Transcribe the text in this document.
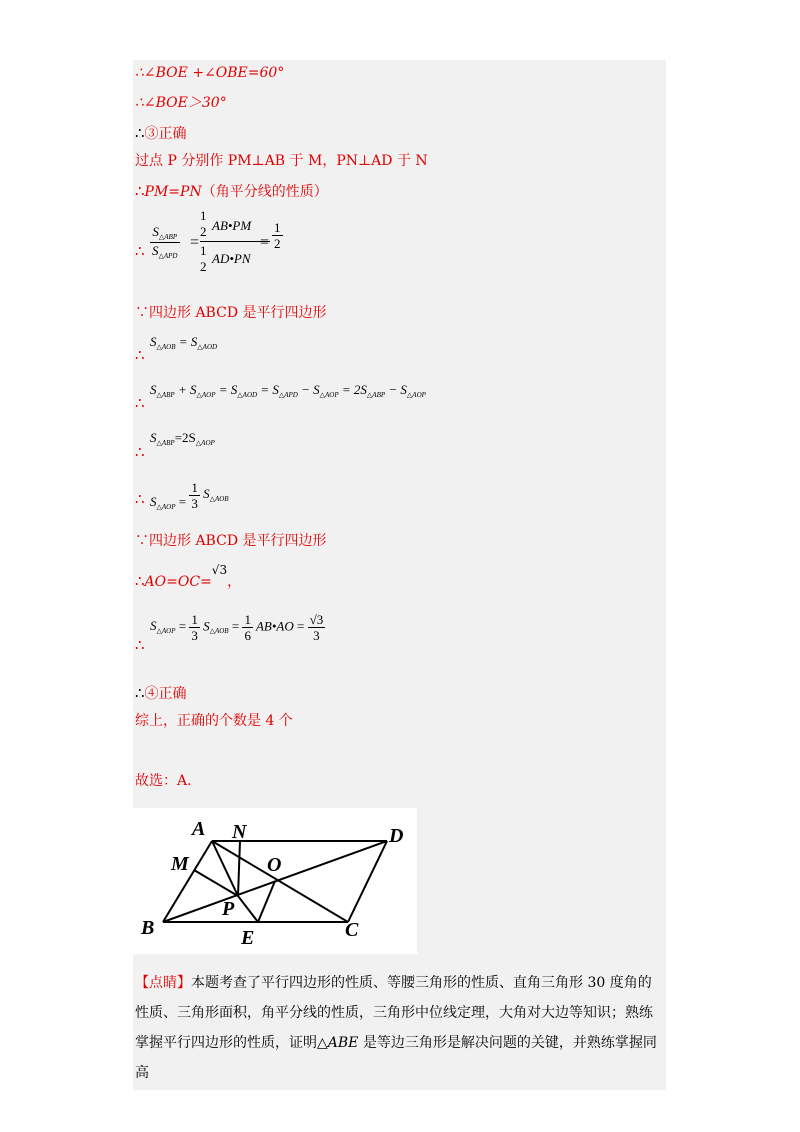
∴∠BOE +∠OBE=60°
∴∠BOE＞30°
∴③正确
过点 P 分别作 PM⊥AB 于 M，PN⊥AD 于 N
∴PM=PN（角平分线的性质）
∴ $\frac{S_{\triangle ABP}}{S_{\triangle APD}}$ =
1
2 AB•PM
1
2
AD•PN
= $\frac{1}{2}$
∵四边形 ABCD 是平行四边形
$S_{\triangle AOB} = S_{\triangle AOD}$
∴
$S_{\triangle ABP} + S_{\triangle AOP} = S_{\triangle AOD} = S_{\triangle APD} - S_{\triangle AOP} = 2S_{\triangle ABP} - S_{\triangle AOP}$
∴
$S_{\triangle ABP}=2S_{\triangle AOP}$
∴
∴ $S_{\triangle AOP} = \frac{1}{3} S_{\triangle AOB}$
∵四边形 ABCD 是平行四边形
∴AO=OC=√3，
∴
$S_{\triangle AOP} = \frac{1}{3} S_{\triangle AOB} = \frac{1}{6}$ AB•AO = $\frac{√3}{3}$
∴④正确
综上，正确的个数是 4 个
故选：A.
A N	D
M	O
P
B	E	C
【点睛】本题考查了平行四边形的性质、等腰三角形的性质、直角三角形 30 度角的性质、三角形面积，角平分线的性质，三角形中位线定理，大角对大边等知识；熟练掌握平行四边形的性质，证明△ABE 是等边三角形是解决问题的关键，并熟练掌握同高
